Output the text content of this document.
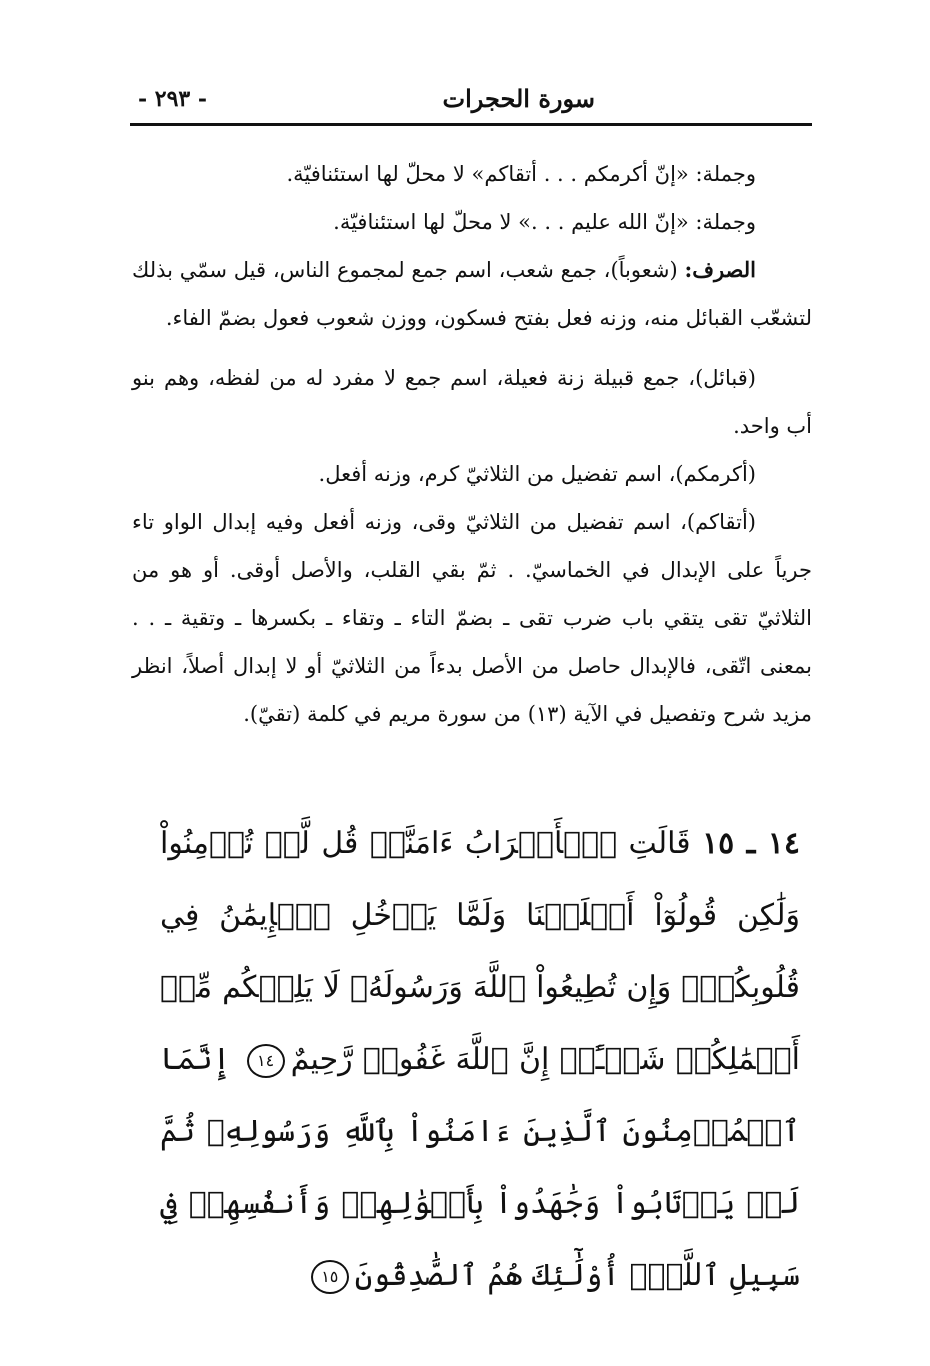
سورة الحجرات
- ٢٩٣ -

وجملة: «إنّ أكرمكم . . . أتقاكم» لا محلّ لها استئنافيّة.

وجملة: «إنّ الله عليم . . .» لا محلّ لها استئنافيّة.

الصرف: (شعوباً)، جمع شعب، اسم جمع لمجموع الناس، قيل سمّي بذلك لتشعّب القبائل منه، وزنه فعل بفتح فسكون، ووزن شعوب فعول بضمّ الفاء.

(قبائل)، جمع قبيلة زنة فعيلة، اسم جمع لا مفرد له من لفظه، وهم بنو أب واحد.

(أكرمكم)، اسم تفضيل من الثلاثيّ كرم، وزنه أفعل.

(أتقاكم)، اسم تفضيل من الثلاثيّ وقى، وزنه أفعل وفيه إبدال الواو تاء جرياً على الإبدال في الخماسيّ. . ثمّ بقي القلب، والأصل أوقى. أو هو من الثلاثيّ تقى يتقي باب ضرب تقى ـ بضمّ التاء ـ وتقاء ـ بكسرها ـ وتقية ـ . . بمعنى اتّقى، فالإبدال حاصل من الأصل بدءاً من الثلاثيّ أو لا إبدال أصلاً، انظر مزيد شرح وتفصيل في الآية (١٣) من سورة مريم في كلمة (تقيّ).

١٤ ـ ١٥ قَالَتِ ٱلۡأَعۡرَابُ ءَامَنَّاۖ قُل لَّمۡ تُؤۡمِنُواْ وَلَٰكِن قُولُوٓاْ أَسۡلَمۡنَا وَلَمَّا يَدۡخُلِ ٱلۡإِيمَٰنُ فِي قُلُوبِكُمۡۖ وَإِن تُطِيعُواْ ٱللَّهَ وَرَسُولَهُۥ لَا يَلِتۡكُم مِّنۡ أَعۡمَٰلِكُمۡ شَيۡـًٔاۚ إِنَّ ٱللَّهَ غَفُورٞ رَّحِيمٌ١٤ إِنَّمَا ٱلۡمُؤۡمِنُونَ ٱلَّذِينَ ءَامَنُواْ بِٱللَّهِ وَرَسُولِهِۦ ثُمَّ لَمۡ يَرۡتَابُواْ وَجَٰهَدُواْ بِأَمۡوَٰلِهِمۡ وَأَنفُسِهِمۡ فِي سَبِيلِ ٱللَّهِۚ أُوْلَٰٓئِكَ هُمُ ٱلصَّٰدِقُونَ١٥
